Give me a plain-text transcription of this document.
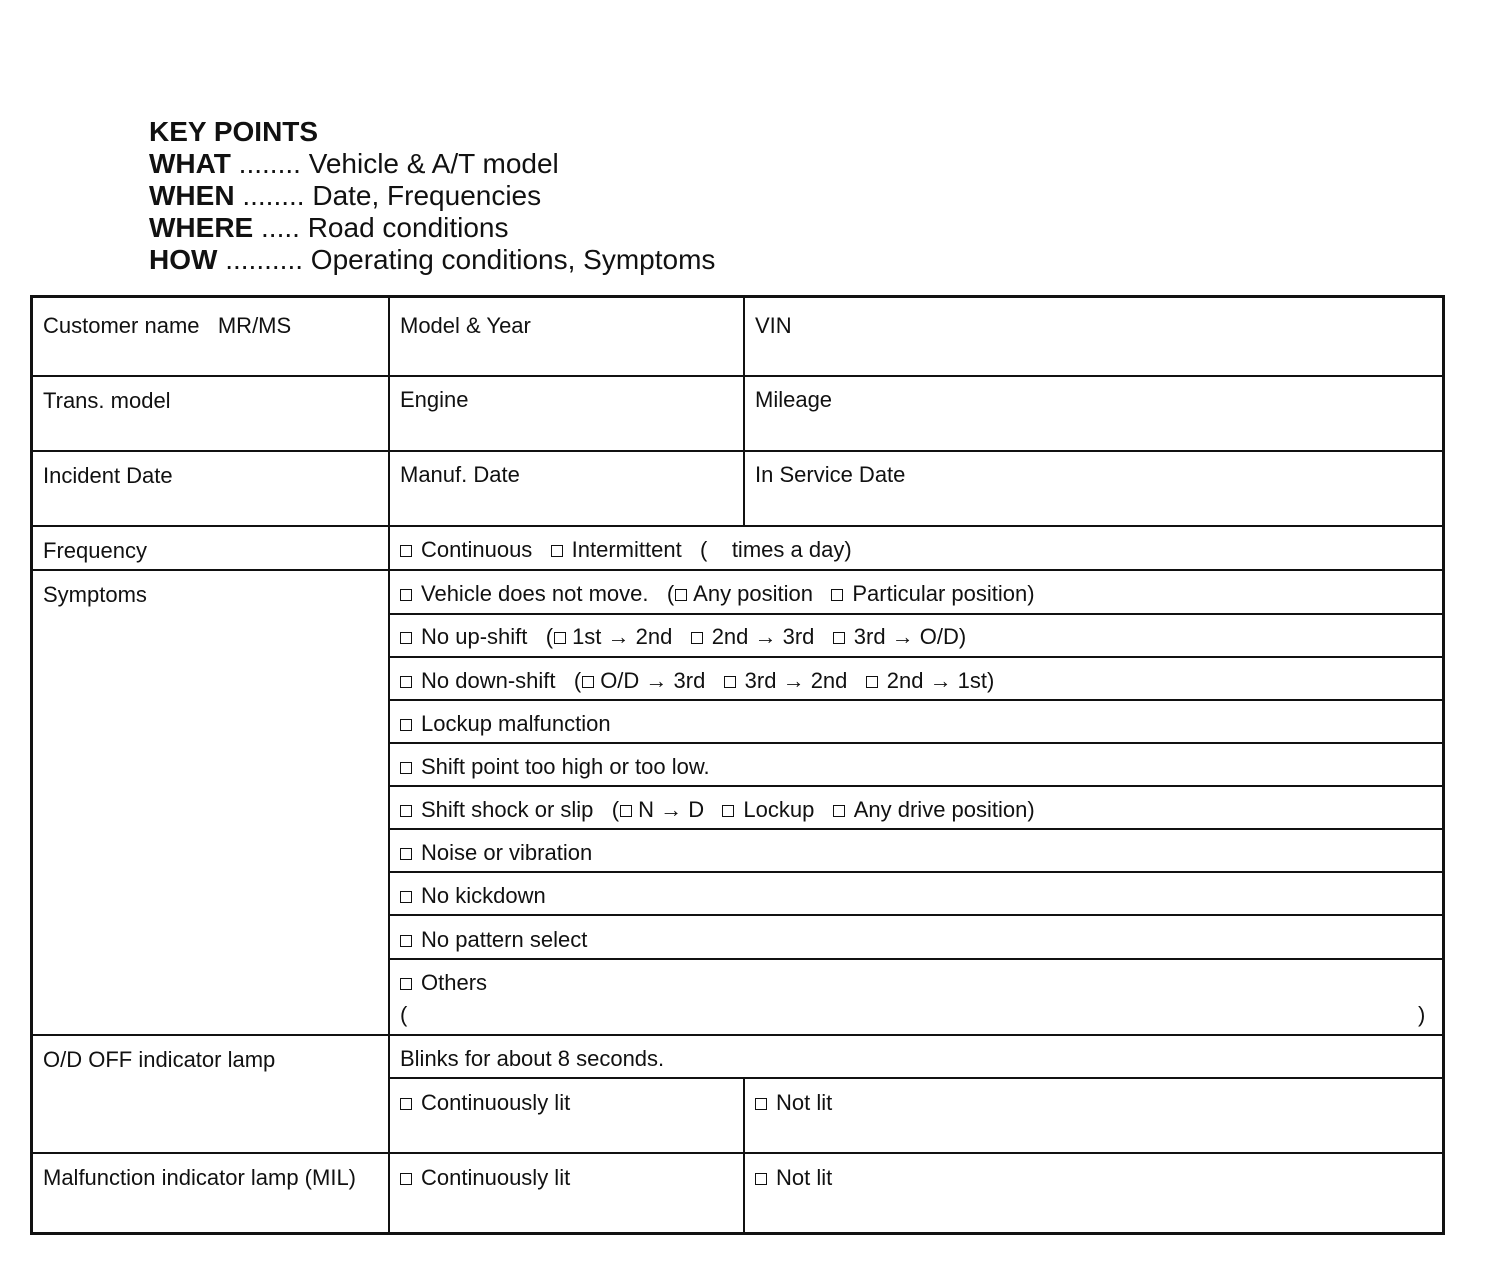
KEY POINTS
WHAT ........ Vehicle & A/T model
WHEN ........ Date, Frequencies
WHERE ..... Road conditions
HOW .......... Operating conditions, Symptoms
Customer name MR/MS	Model & Year	VIN
Trans. model	Engine	Mileage
Incident Date	Manuf. Date	In Service Date
Frequency	Continuous Intermittent (    times a day)
Symptoms	Vehicle does not move.   ( Any position Particular position)
No up-shift   ( 1st → 2nd 2nd → 3rd 3rd → O/D)
No down-shift   ( O/D → 3rd 3rd → 2nd 2nd → 1st)
Lockup malfunction
Shift point too high or too low.
Shift shock or slip   ( N → D Lockup Any drive position)
Noise or vibration
No kickdown
No pattern select
Others
(	)
O/D OFF indicator lamp	Blinks for about 8 seconds.
Continuously lit	Not lit
Malfunction indicator lamp (MIL)	Continuously lit	Not lit
